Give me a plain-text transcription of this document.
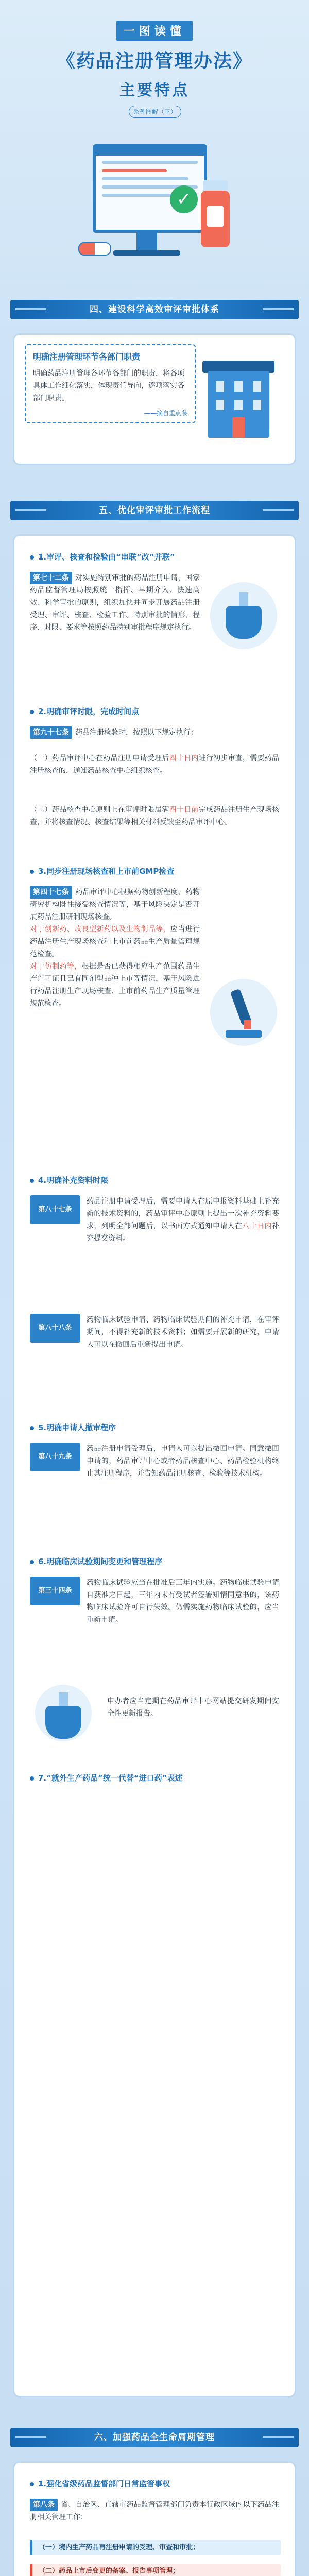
一图读懂
《药品注册管理办法》
主要特点
系列图解（下）
✓
四、建设科学高效审评审批体系
明确注册管理环节各部门职责
明确药品注册管理各环节各部门的职责，将各项具体工作细化落实，体现责任导向，逐项落实各部门职责。
——摘自重点条
五、优化审评审批工作流程
1.审评、核查和检验由“串联”改“并联”
第七十二条 对实施特别审批的药品注册申请，国家药品监督管理局按照统一指挥、早期介入、快速高效、科学审批的原则，组织加快并同步开展药品注册受理、审评、核查、检验工作。特别审批的情形、程序、时限、要求等按照药品特别审批程序规定执行。
2.明确审评时限，完成时间点
第九十七条 药品注册检验时，按照以下规定执行：
（一）药品审评中心在药品注册申请受理后四十日内进行初步审查，需要药品注册核查的，通知药品核查中心组织核查。
（二）药品核查中心原则上在审评时限届满四十日前完成药品注册生产现场核查，并将核查情况、核查结果等相关材料反馈至药品审评中心。
3.同步注册现场核查和上市前GMP检查
第四十七条 药品审评中心根据药物创新程度、药物研究机构既往接受核查情况等，基于风险决定是否开展药品注册研制现场核查。
对于创新药、改良型新药以及生物制品等，应当进行药品注册生产现场核查和上市前药品生产质量管理规范检查。
对于仿制药等，根据是否已获得相应生产范围药品生产许可证且已有同剂型品种上市等情况，基于风险进行药品注册生产现场核查、上市前药品生产质量管理规范检查。
4.明确补充资料时限
第八十七条
药品注册申请受理后，需要申请人在原申报资料基础上补充新的技术资料的，药品审评中心原则上提出一次补充资料要求，列明全部问题后，以书面方式通知申请人在八十日内补充提交资料。
第八十八条
药物临床试验申请、药物临床试验期间的补充申请，在审评期间，不得补充新的技术资料；如需要开展新的研究，申请人可以在撤回后重新提出申请。
5.明确申请人撤审程序
第八十九条
药品注册申请受理后，申请人可以提出撤回申请。同意撤回申请的，药品审评中心或者药品核查中心、药品检验机构终止其注册程序，并告知药品注册核查、检验等技术机构。
6.明确临床试验期间变更和管理程序
第三十四条
药物临床试验应当在批准后三年内实施。药物临床试验申请自获准之日起，三年内未有受试者签署知情同意书的，该药物临床试验许可自行失效。仍需实施药物临床试验的，应当重新申请。
申办者应当定期在药品审评中心网站提交研发期间安全性更新报告。
7.“就外生产药品”统一代替“进口药”表述
六、加强药品全生命周期管理
1.强化省级药品监督部门日常监管事权
第八条 省、自治区、直辖市药品监督管理部门负责本行政区域内以下药品注册相关管理工作：
（一）境内生产药品再注册申请的受理、审查和审批；
（二）药品上市后变更的备案、报告事项管理；
